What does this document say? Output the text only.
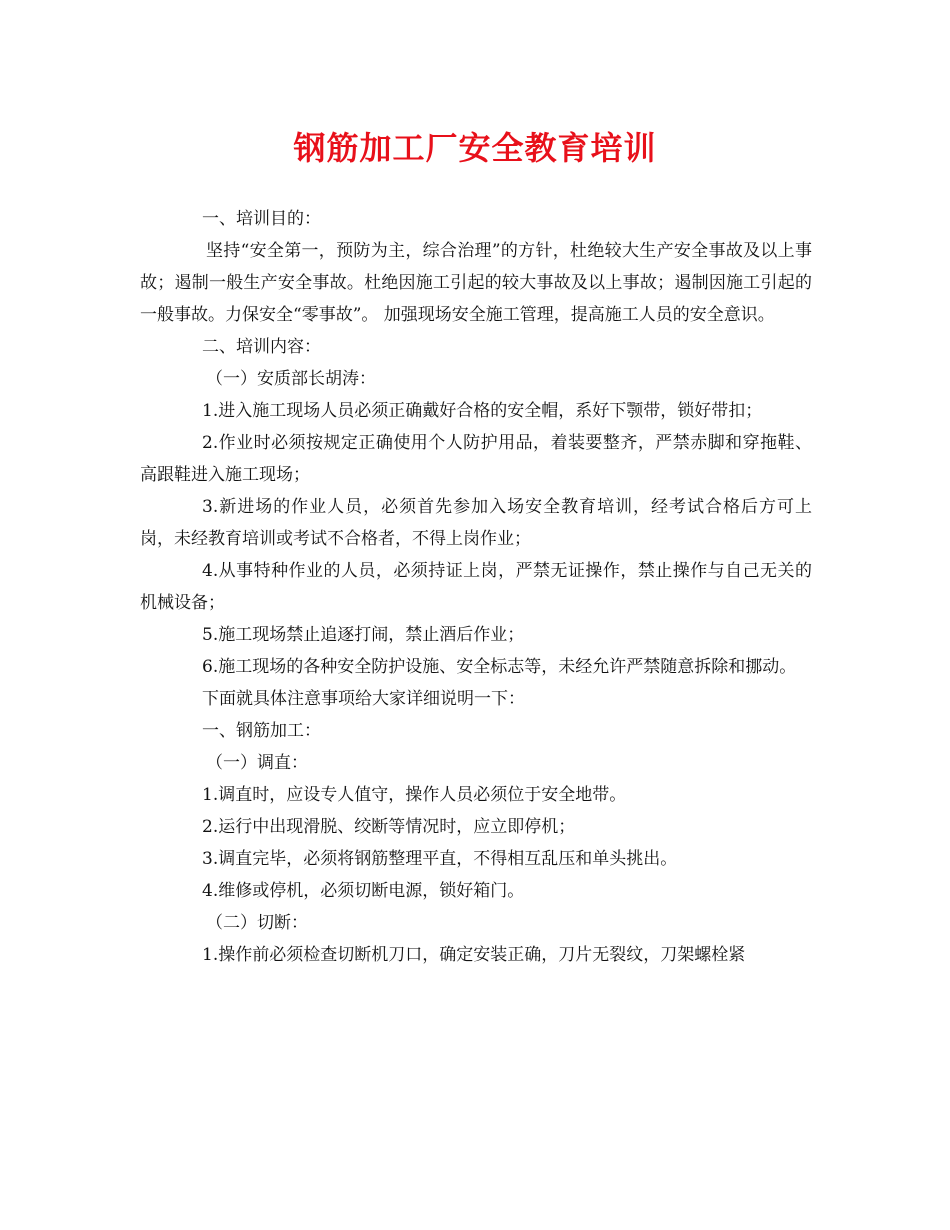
钢筋加工厂安全教育培训

一、培训目的：

坚持“安全第一，预防为主，综合治理”的方针，杜绝较大生产安全事故及以上事故；遏制一般生产安全事故。杜绝因施工引起的较大事故及以上事故；遏制因施工引起的一般事故。力保安全“零事故”。 加强现场安全施工管理，提高施工人员的安全意识。

二、培训内容：

（一）安质部长胡涛：

1.进入施工现场人员必须正确戴好合格的安全帽，系好下颚带，锁好带扣；

2.作业时必须按规定正确使用个人防护用品，着装要整齐，严禁赤脚和穿拖鞋、高跟鞋进入施工现场；

3.新进场的作业人员，必须首先参加入场安全教育培训，经考试合格后方可上岗，未经教育培训或考试不合格者，不得上岗作业；

4.从事特种作业的人员，必须持证上岗，严禁无证操作，禁止操作与自己无关的机械设备；

5.施工现场禁止追逐打闹，禁止酒后作业；

6.施工现场的各种安全防护设施、安全标志等，未经允许严禁随意拆除和挪动。

下面就具体注意事项给大家详细说明一下：

一、钢筋加工：

（一）调直：

1.调直时，应设专人值守，操作人员必须位于安全地带。

2.运行中出现滑脱、绞断等情况时，应立即停机；

3.调直完毕，必须将钢筋整理平直，不得相互乱压和单头挑出。

4.维修或停机，必须切断电源，锁好箱门。

（二）切断：

1.操作前必须检查切断机刀口，确定安装正确，刀片无裂纹，刀架螺栓紧
